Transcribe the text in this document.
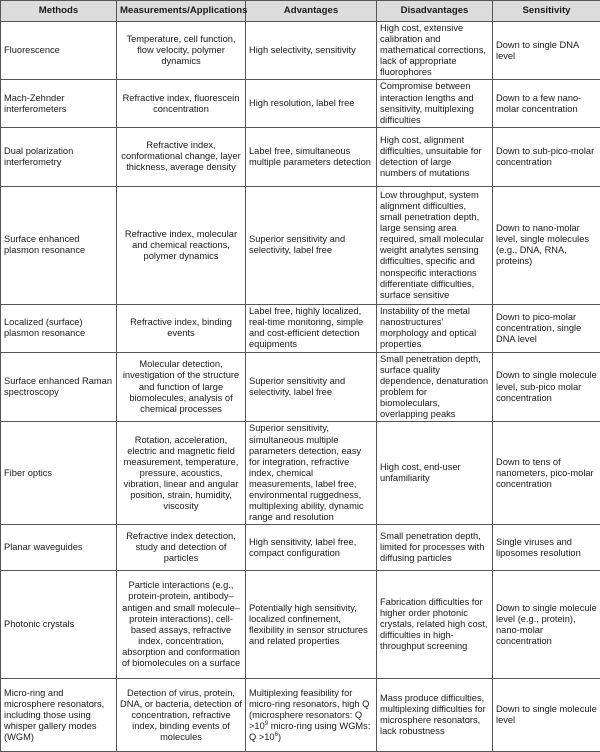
Methods	Measurements/Applications	Advantages	Disadvantages	Sensitivity
Fluorescence	Temperature, cell function, flow velocity, polymer dynamics	High selectivity, sensitivity	High cost, extensive calibration and mathematical corrections, lack of appropriate fluorophores	Down to single DNA level
Mach-Zehnder interferometers	Refractive index, fluorescein concentration	High resolution, label free	Compromise between interaction lengths and sensitivity, multiplexing difficulties	Down to a few nano-molar concentration
Dual polarization interferometry	Refractive index, conformational change, layer thickness, average density	Label free, simultaneous multiple parameters detection	High cost, alignment difficulties, unsuitable for detection of large numbers of mutations	Down to sub-pico-molar concentration
Surface enhanced plasmon resonance	Refractive index, molecular and chemical reactions, polymer dynamics	Superior sensitivity and selectivity, label free	Low throughput, system alignment difficulties, small penetration depth, large sensing area required, small molecular weight analytes sensing difficulties, specific and nonspecific interactions differentiate difficulties, surface sensitive	Down to nano-molar level, single molecules (e.g., DNA, RNA, proteins)
Localized (surface) plasmon resonance	Refractive index, binding events	Label free, highly localized, real-time monitoring, simple and cost-efficient detection equipments	Instability of the metal nanostructures' morphology and optical properties	Down to pico-molar concentration, single DNA level
Surface enhanced Raman spectroscopy	Molecular detection, investigation of the structure and function of large biomolecules, analysis of chemical processes	Superior sensitivity and selectivity, label free	Small penetration depth, surface quality dependence, denaturation problem for biomoleculars, overlapping peaks	Down to single molecule level, sub-pico molar concentration
Fiber optics	Rotation, acceleration, electric and magnetic field measurement, temperature, pressure, acoustics, vibration, linear and angular position, strain, humidity, viscosity	Superior sensitivity, simultaneous multiple parameters detection, easy for integration, refractive index, chemical measurements, label free, environmental ruggedness, multiplexing ability, dynamic range and resolution	High cost, end-user unfamiliarity	Down to tens of nanometers, pico-molar concentration
Planar waveguides	Refractive index detection, study and detection of particles	High sensitivity, label free, compact configuration	Small penetration depth, limited for processes with diffusing particles	Single viruses and liposomes resolution
Photonic crystals	Particle interactions (e.g., protein-protein, antibody–antigen and small molecule–protein interactions), cell-based assays, refractive index, concentration, absorption and conformation of biomolecules on a surface	Potentially high sensitivity, localized confinement, flexibility in sensor structures and related properties	Fabrication difficulties for higher order photonic crystals, related high cost, difficulties in high-throughput screening	Down to single molecule level (e.g., protein), nano-molar concentration
Micro-ring and microsphere resonators, including those using whisper gallery modes (WGM)	Detection of virus, protein, DNA, or bacteria, detection of concentration, refractive index, binding events of molecules	Multiplexing feasibility for micro-ring resonators, high Q (microsphere resonators: $Q >10^9$ micro-ring using WGMs: $Q >10^6$)	Mass produce difficulties, multiplexing difficulties for microsphere resonators, lack robustness	Down to single molecule level
